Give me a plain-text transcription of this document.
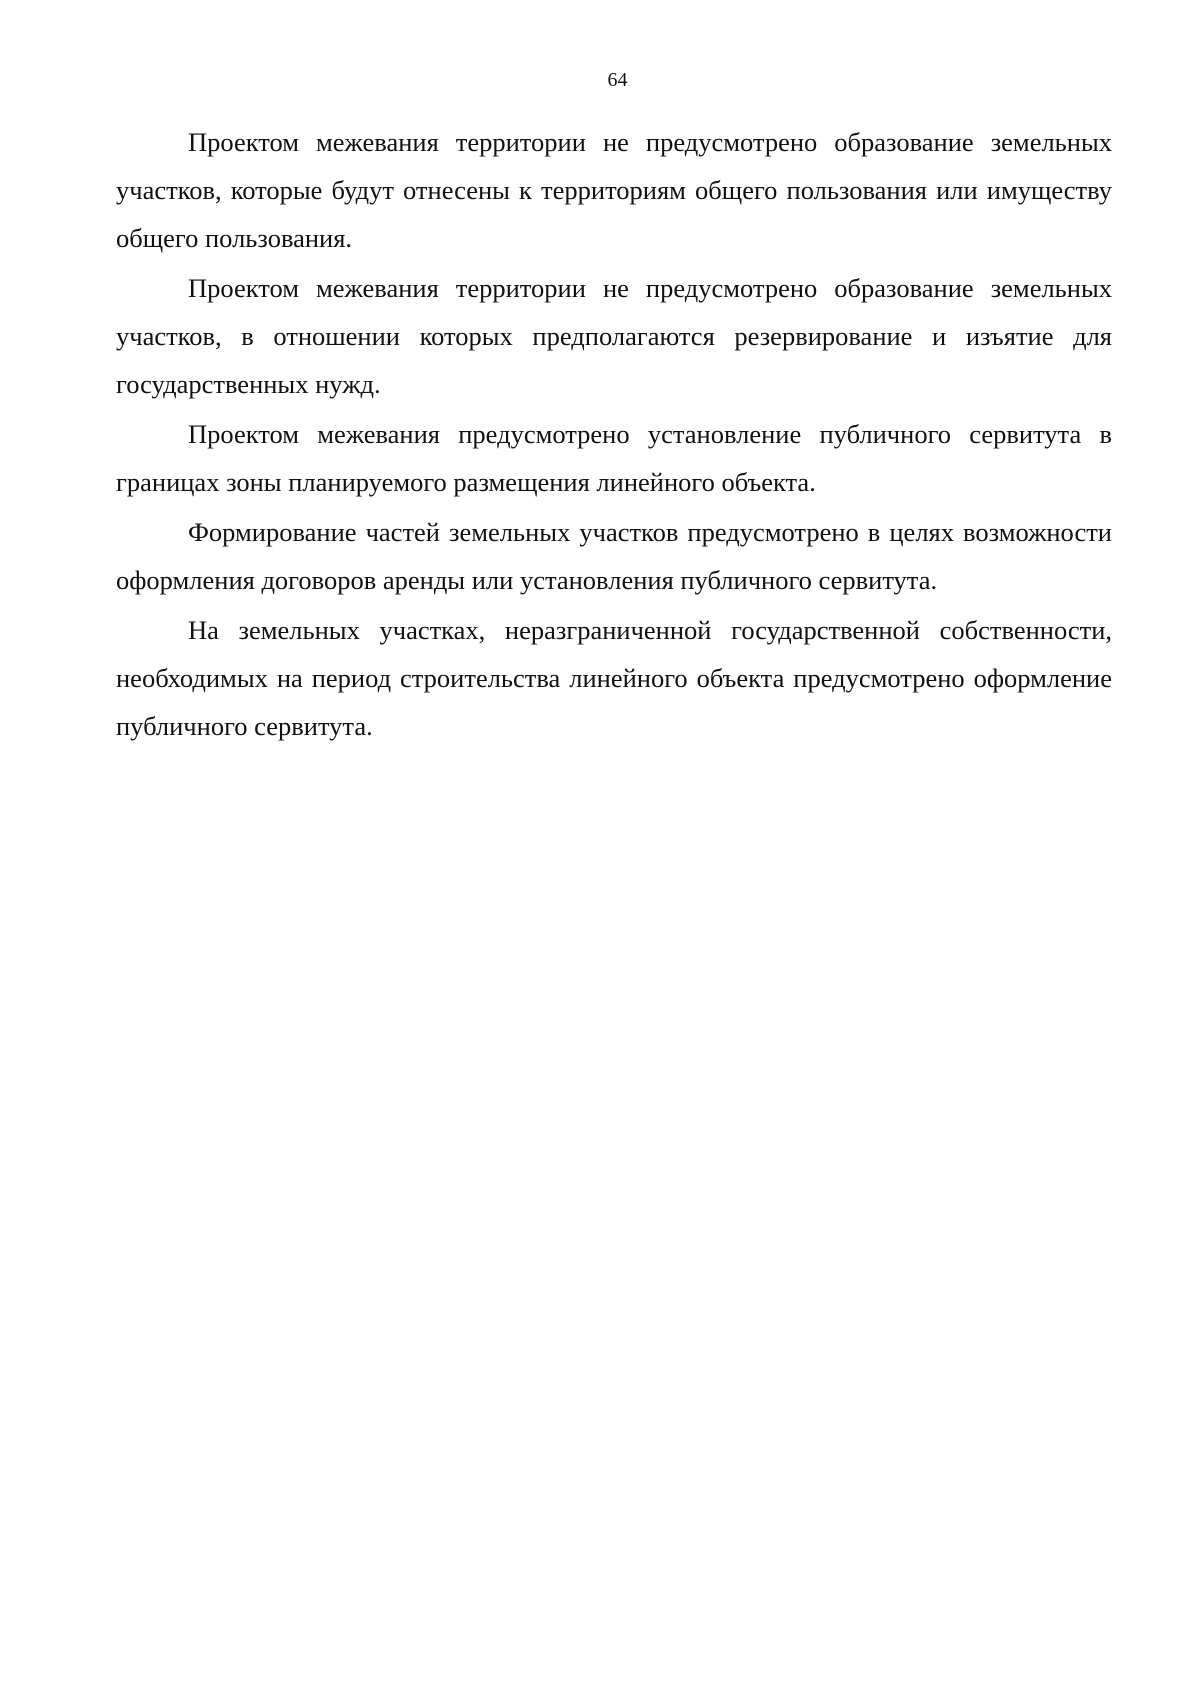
64

Проектом межевания территории не предусмотрено образование земельных участков, которые будут отнесены к территориям общего пользования или имуществу общего пользования.

Проектом межевания территории не предусмотрено образование земельных участков, в отношении которых предполагаются резервирование и изъятие для государственных нужд.

Проектом межевания предусмотрено установление публичного сервитута в границах зоны планируемого размещения линейного объекта.

Формирование частей земельных участков предусмотрено в целях возможности оформления договоров аренды или установления публичного сервитута.

На земельных участках, неразграниченной государственной собственности, необходимых на период строительства линейного объекта предусмотрено оформление публичного сервитута.
